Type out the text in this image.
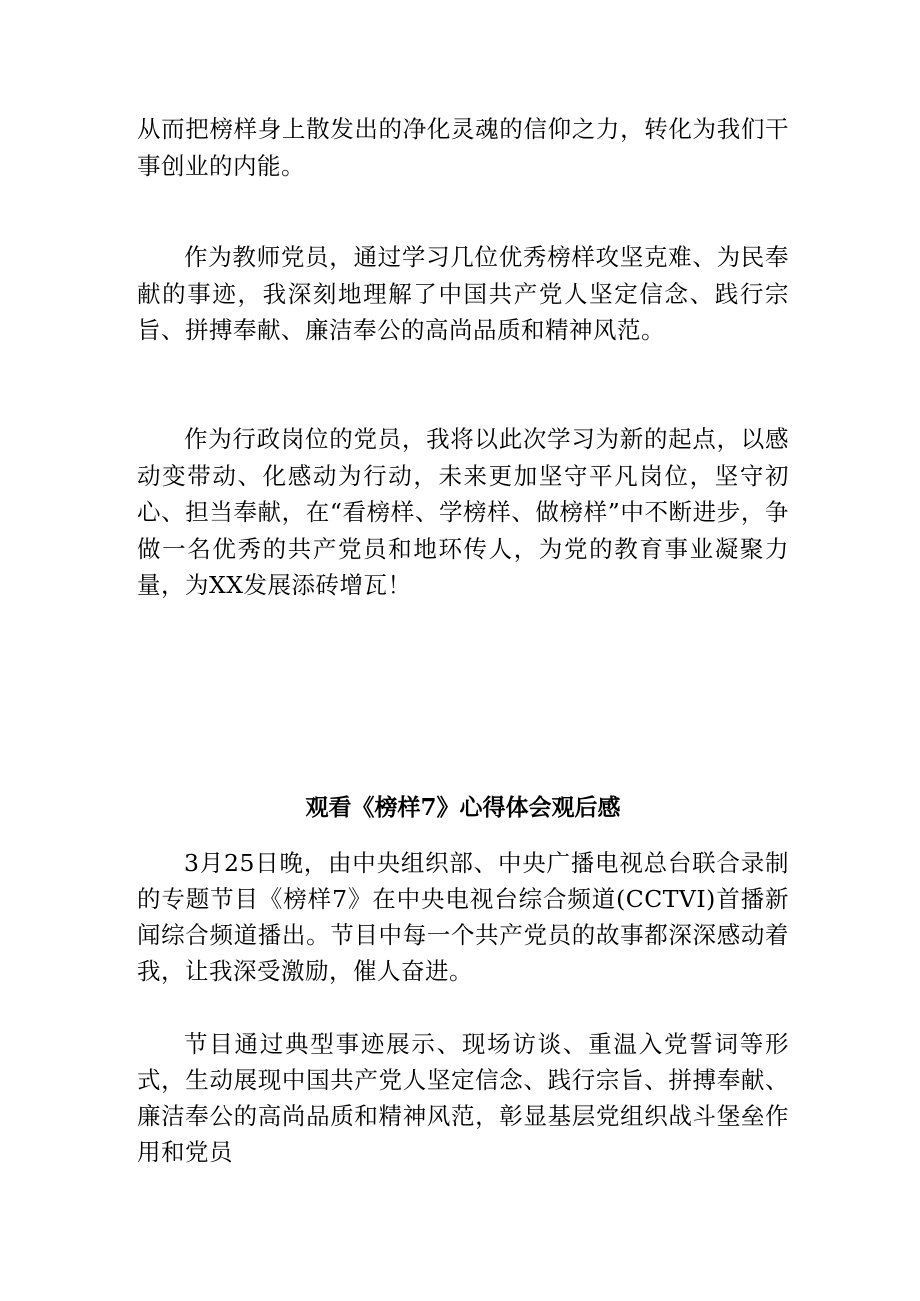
从而把榜样身上散发出的净化灵魂的信仰之力，转化为我们干事创业的内能。

作为教师党员，通过学习几位优秀榜样攻坚克难、为民奉献的事迹，我深刻地理解了中国共产党人坚定信念、践行宗旨、拼搏奉献、廉洁奉公的高尚品质和精神风范。

作为行政岗位的党员，我将以此次学习为新的起点，以感动变带动、化感动为行动，未来更加坚守平凡岗位，坚守初心、担当奉献，在“看榜样、学榜样、做榜样”中不断进步，争做一名优秀的共产党员和地环传人，为党的教育事业凝聚力量，为XX发展添砖增瓦！

观看《榜样7》心得体会观后感

3月25日晚，由中央组织部、中央广播电视总台联合录制的专题节目《榜样7》在中央电视台综合频道(CCTVI)首播新闻综合频道播出。节目中每一个共产党员的故事都深深感动着我，让我深受激励，催人奋进。

节目通过典型事迹展示、现场访谈、重温入党誓词等形式，生动展现中国共产党人坚定信念、践行宗旨、拼搏奉献、廉洁奉公的高尚品质和精神风范，彰显基层党组织战斗堡垒作用和党员
